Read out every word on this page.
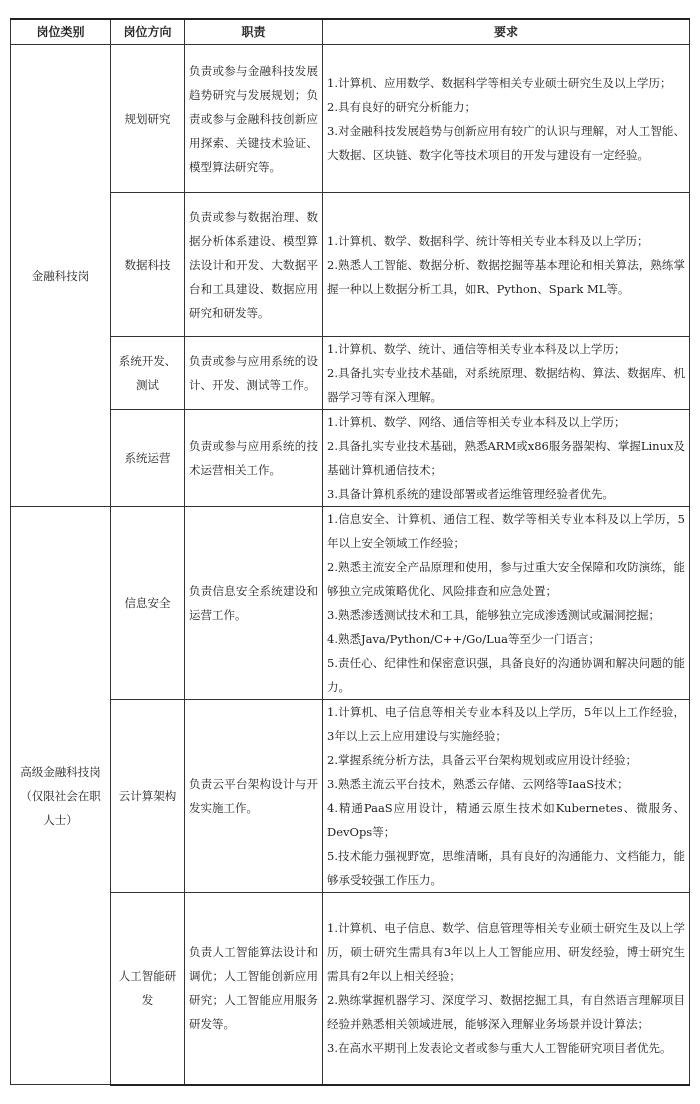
岗位类别	岗位方向	职责	要求
金融科技岗	规划研究	负责或参与金融科技发展趋势研究与发展规划；负责或参与金融科技创新应用探索、关键技术验证、模型算法研究等。	1.计算机、应用数学、数据科学等相关专业硕士研究生及以上学历；
2.具有良好的研究分析能力；
3.对金融科技发展趋势与创新应用有较广的认识与理解，对人工智能、大数据、区块链、数字化等技术项目的开发与建设有一定经验。

	数据科技	负责或参与数据治理、数据分析体系建设、模型算法设计和开发、大数据平台和工具建设、数据应用研究和研发等。	1.计算机、数学、数据科学、统计等相关专业本科及以上学历；
2.熟悉人工智能、数据分析、数据挖掘等基本理论和相关算法，熟练掌握一种以上数据分析工具，如R、Python、Spark ML等。

	系统开发、测试	负责或参与应用系统的设计、开发、测试等工作。	1.计算机、数学、统计、通信等相关专业本科及以上学历；
2.具备扎实专业技术基础，对系统原理、数据结构、算法、数据库、机器学习等有深入理解。

	系统运营	负责或参与应用系统的技术运营相关工作。	1.计算机、数学、网络、通信等相关专业本科及以上学历；
2.具备扎实专业技术基础，熟悉ARM或x86服务器架构、掌握Linux及基础计算机通信技术；
3.具备计算机系统的建设部署或者运维管理经验者优先。

高级金融科技岗（仅限社会在职人士）	信息安全	负责信息安全系统建设和运营工作。	1.信息安全、计算机、通信工程、数学等相关专业本科及以上学历，5年以上安全领域工作经验；
2.熟悉主流安全产品原理和使用，参与过重大安全保障和攻防演练，能够独立完成策略优化、风险排查和应急处置；
3.熟悉渗透测试技术和工具，能够独立完成渗透测试或漏洞挖掘；
4.熟悉Java/Python/C++/Go/Lua等至少一门语言；
5.责任心、纪律性和保密意识强，具备良好的沟通协调和解决问题的能力。

	云计算架构	负责云平台架构设计与开发实施工作。	1.计算机、电子信息等相关专业本科及以上学历，5年以上工作经验，3年以上云上应用建设与实施经验；
2.掌握系统分析方法，具备云平台架构规划或应用设计经验；
3.熟悉主流云平台技术，熟悉云存储、云网络等IaaS技术；
4.精通PaaS应用设计，精通云原生技术如Kubernetes、微服务、DevOps等；
5.技术能力强视野宽，思维清晰，具有良好的沟通能力、文档能力，能够承受较强工作压力。

	人工智能研发	负责人工智能算法设计和调优；人工智能创新应用研究；人工智能应用服务研发等。	1.计算机、电子信息、数学、信息管理等相关专业硕士研究生及以上学历，硕士研究生需具有3年以上人工智能应用、研发经验，博士研究生需具有2年以上相关经验；
2.熟练掌握机器学习、深度学习、数据挖掘工具，有自然语言理解项目经验并熟悉相关领域进展，能够深入理解业务场景并设计算法；
3.在高水平期刊上发表论文者或参与重大人工智能研究项目者优先。
